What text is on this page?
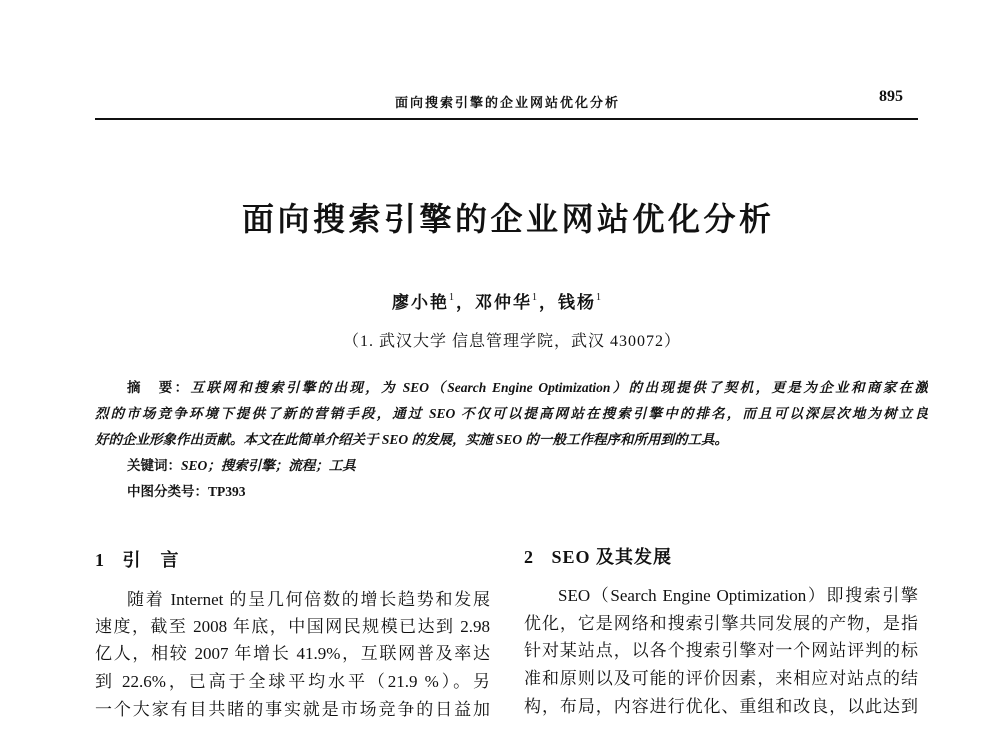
面向搜索引擎的企业网站优化分析	895
面向搜索引擎的企业网站优化分析
廖小艳$^1$，邓仲华$^1$，钱杨$^1$
（1. 武汉大学 信息管理学院，武汉 430072）
摘　要：互联网和搜索引擎的出现，为 SEO（Search Engine Optimization）的出现提供了契机，更是为企业和商家在激
烈的市场竞争环境下提供了新的营销手段，通过 SEO 不仅可以提高网站在搜索引擎中的排名，而且可以深层次地为树立良
好的企业形象作出贡献。本文在此简单介绍关于 SEO 的发展，实施 SEO 的一般工作程序和所用到的工具。
关键词：SEO；搜索引擎；流程；工具
中图分类号：TP393
1 引　言
随着 Internet 的呈几何倍数的增长趋势和发展
速度，截至 2008 年底，中国网民规模已达到 2.98
亿人，相较 2007 年增长 41.9%，互联网普及率达
到 22.6%，已高于全球平均水平（21.9 %）。另
一个大家有目共睹的事实就是市场竞争的日益加
2 SEO 及其发展
SEO（Search Engine Optimization）即搜索引擎
优化，它是网络和搜索引擎共同发展的产物，是指
针对某站点，以各个搜索引擎对一个网站评判的标
准和原则以及可能的评价因素，来相应对站点的结
构，布局，内容进行优化、重组和改良，以此达到
